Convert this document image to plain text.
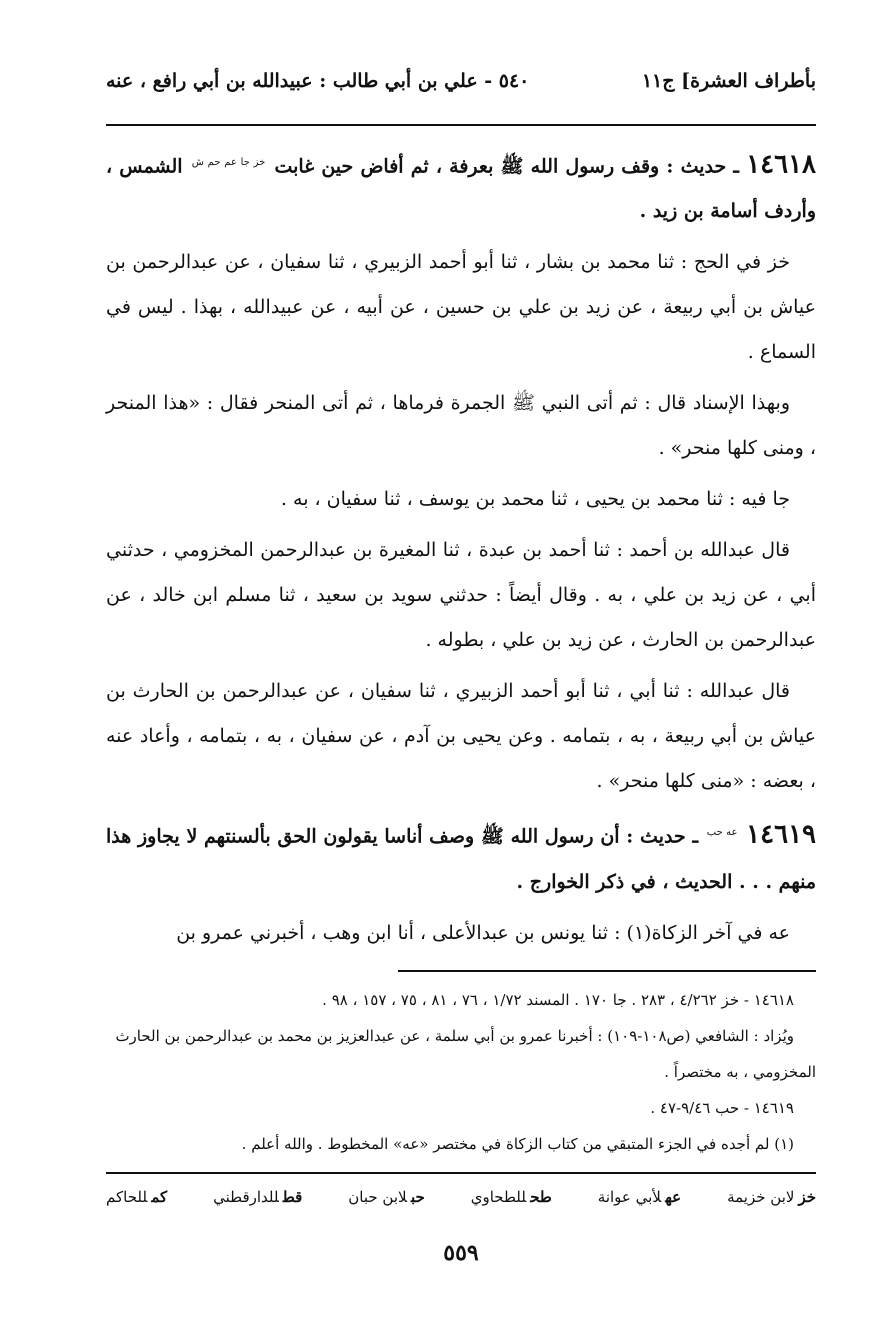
بأطراف العشرة] ج١١
٥٤٠ - علي بن أبي طالب : عبيدالله بن أبي رافع ، عنه

١٤٦١٨ ـ حديث : وقف رسول الله ﷺ بعرفة ، ثم أفاض حين غابت $^{خز جا عم حم ش}$ الشمس ، وأردف أسامة بن زيد .

خز في الحج : ثنا محمد بن بشار ، ثنا أبو أحمد الزبيري ، ثنا سفيان ، عن عبدالرحمن بن عياش بن أبي ربيعة ، عن زيد بن علي بن حسين ، عن أبيه ، عن عبيدالله ، بهذا . ليس في السماع .

وبهذا الإسناد قال : ثم أتى النبي ﷺ الجمرة فرماها ، ثم أتى المنحر فقال : «هذا المنحر ، ومنى كلها منحر» .

جا فيه : ثنا محمد بن يحيى ، ثنا محمد بن يوسف ، ثنا سفيان ، به .

قال عبدالله بن أحمد : ثنا أحمد بن عبدة ، ثنا المغيرة بن عبدالرحمن المخزومي ، حدثني أبي ، عن زيد بن علي ، به . وقال أيضاً : حدثني سويد بن سعيد ، ثنا مسلم ابن خالد ، عن عبدالرحمن بن الحارث ، عن زيد بن علي ، بطوله .

قال عبدالله : ثنا أبي ، ثنا أبو أحمد الزبيري ، ثنا سفيان ، عن عبدالرحمن بن الحارث بن عياش بن أبي ربيعة ، به ، بتمامه . وعن يحيى بن آدم ، عن سفيان ، به ، بتمامه ، وأعاد عنه ، بعضه : «منى كلها منحر» .

١٤٦١٩ $^{عه حب}$ ـ حديث : أن رسول الله ﷺ وصف أناسا يقولون الحق بألسنتهم لا يجاوز هذا منهم . . . الحديث ، في ذكر الخوارج .

عه في آخر الزكاة(١) : ثنا يونس بن عبدالأعلى ، أنا ابن وهب ، أخبرني عمرو بن

١٤٦١٨ - خز ٤/٢٦٢ ، ٢٨٣ . جا ١٧٠ . المسند ١/٧٢ ، ٧٦ ، ٨١ ، ٧٥ ، ١٥٧ ، ٩٨ .

ويُزاد : الشافعي (ص١٠٨-١٠٩) : أخبرنا عمرو بن أبي سلمة ، عن عبدالعزيز بن محمد بن عبدالرحمن بن الحارث المخزومي ، به مختصراً .

١٤٦١٩ - حب ٩/٤٦-٤٧ .

(١) لم أجده في الجزء المتبقي من كتاب الزكاة في مختصر «عه» المخطوط . والله أعلم .

خزلابن خزيمة
عهلأبي عوانة
طحللطحاوي
حبلابن حبان
قطللدارقطني
كمللحاكم
٥٥٩
